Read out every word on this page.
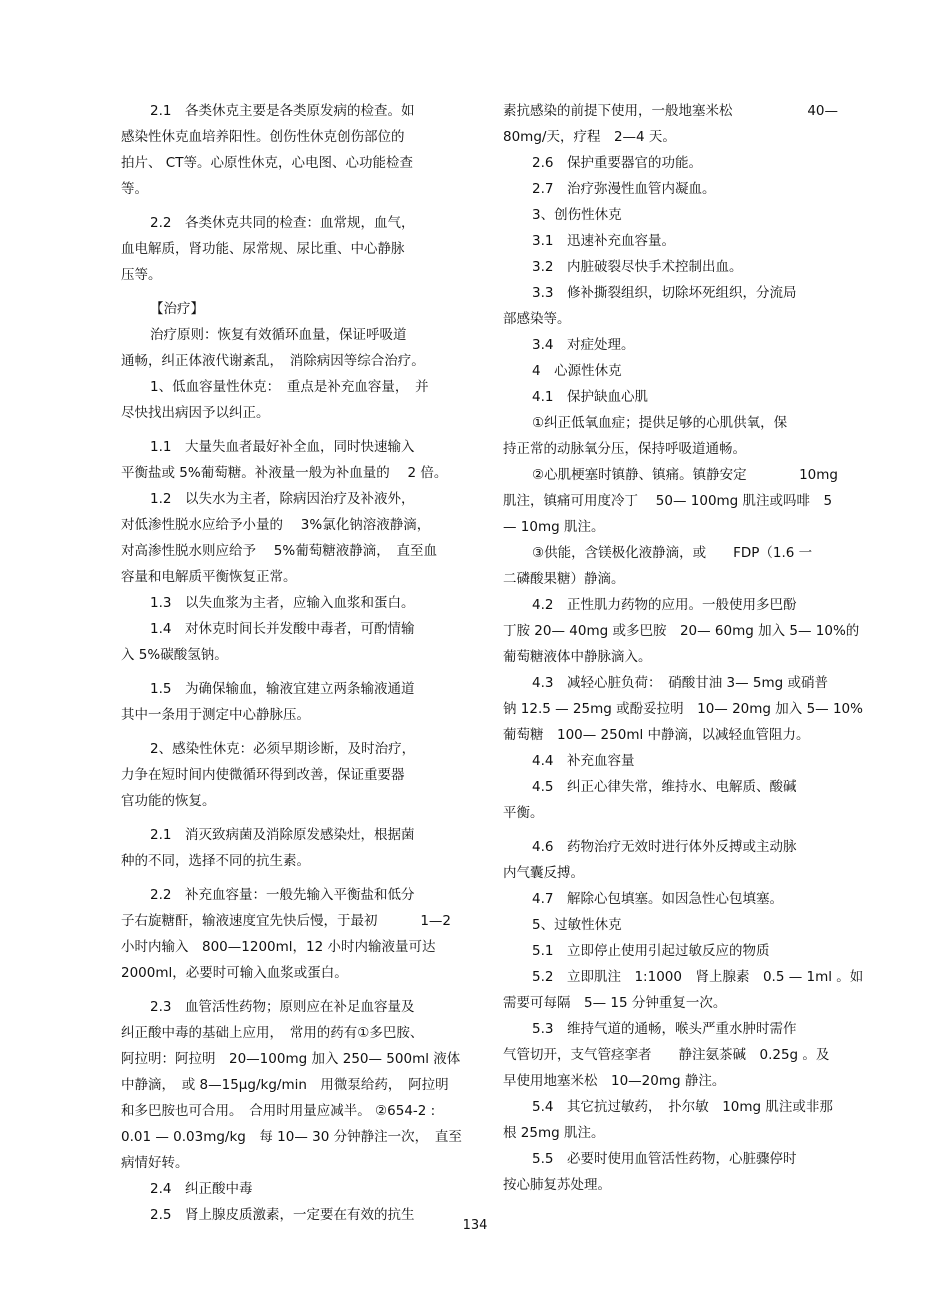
2.1　各类休克主要是各类原发病的检查。如
感染性休克血培养阳性。创伤性休克创伤部位的
拍片、 CT等。心原性休克，心电图、心功能检查
等。
2.2　各类休克共同的检查：血常规，血气，
血电解质，肾功能、尿常规、尿比重、中心静脉
压等。
【治疗】
治疗原则：恢复有效循环血量，保证呼吸道
通畅，纠正体液代谢紊乱，　消除病因等综合治疗。
1、低血容量性休克：　重点是补充血容量，　并
尽快找出病因予以纠正。
1.1　大量失血者最好补全血，同时快速输入
平衡盐或 5%葡萄糖。补液量一般为补血量的　 2 倍。
1.2　以失水为主者，除病因治疗及补液外，
对低渗性脱水应给予小量的　 3%氯化钠溶液静滴，
对高渗性脱水则应给予　 5%葡萄糖液静滴，　直至血
容量和电解质平衡恢复正常。
1.3　以失血浆为主者，应输入血浆和蛋白。
1.4　对休克时间长并发酸中毒者，可酌情输
入 5%碳酸氢钠。
1.5　为确保输血，输液宜建立两条输液通道
其中一条用于测定中心静脉压。
2、感染性休克：必须早期诊断，及时治疗，
力争在短时间内使微循环得到改善，保证重要器
官功能的恢复。
2.1　消灭致病菌及消除原发感染灶，根据菌
种的不同，选择不同的抗生素。
2.2　补充血容量：一般先输入平衡盐和低分
子右旋糖酐，输液速度宜先快后慢，于最初	1—2
小时内输入　800—1200ml，12 小时内输液量可达
2000ml，必要时可输入血浆或蛋白。
2.3　血管活性药物；原则应在补足血容量及
纠正酸中毒的基础上应用，　常用的药有①多巴胺、
阿拉明：阿拉明　20—100mg 加入 250— 500ml 液体
中静滴，　或 8—15µg/kg/min　用微泵给药，　阿拉明
和多巴胺也可合用。　合用时用量应减半。 ②654-2 :
0.01 — 0.03mg/kg　每 10— 30 分钟静注一次，　直至
病情好转。
2.4　纠正酸中毒
2.5　肾上腺皮质激素，一定要在有效的抗生
素抗感染的前提下使用，一般地塞米松	40—
80mg/天，疗程　2—4 天。
2.6　保护重要器官的功能。
2.7　治疗弥漫性血管内凝血。
3、创伤性休克
3.1　迅速补充血容量。
3.2　内脏破裂尽快手术控制出血。
3.3　修补撕裂组织，切除坏死组织，分流局
部感染等。
3.4　对症处理。
4　心源性休克
4.1　保护缺血心肌
①纠正低氧血症；提供足够的心肌供氧，保
持正常的动脉氧分压，保持呼吸道通畅。
②心肌梗塞时镇静、镇痛。镇静安定	10mg
肌注，镇痛可用度冷丁　 50— 100mg 肌注或吗啡　5
— 10mg 肌注。
③供能，含镁极化液静滴，或　　FDP（1.6 一
二磷酸果糖）静滴。
4.2　正性肌力药物的应用。一般使用多巴酚
丁胺 20— 40mg 或多巴胺　20— 60mg 加入 5— 10%的
葡萄糖液体中静脉滴入。
4.3　减轻心脏负荷：　硝酸甘油 3— 5mg 或硝普
钠 12.5 — 25mg 或酚妥拉明　10— 20mg 加入 5— 10%
葡萄糖　100— 250ml 中静滴，以减轻血管阻力。
4.4　补充血容量
4.5　纠正心律失常，维持水、电解质、酸碱
平衡。
4.6　药物治疗无效时进行体外反搏或主动脉
内气囊反搏。
4.7　解除心包填塞。如因急性心包填塞。
5、过敏性休克
5.1　立即停止使用引起过敏反应的物质
5.2　立即肌注　1:1000　肾上腺素　0.5 — 1ml 。如
需要可每隔　5— 15 分钟重复一次。
5.3　维持气道的通畅，喉头严重水肿时需作
气管切开，支气管痉挛者　　静注氨茶碱　0.25g 。及
早使用地塞米松　10—20mg 静注。
5.4　其它抗过敏药，　扑尔敏　10mg 肌注或非那
根 25mg 肌注。
5.5　必要时使用血管活性药物，心脏骤停时
按心肺复苏处理。
134
